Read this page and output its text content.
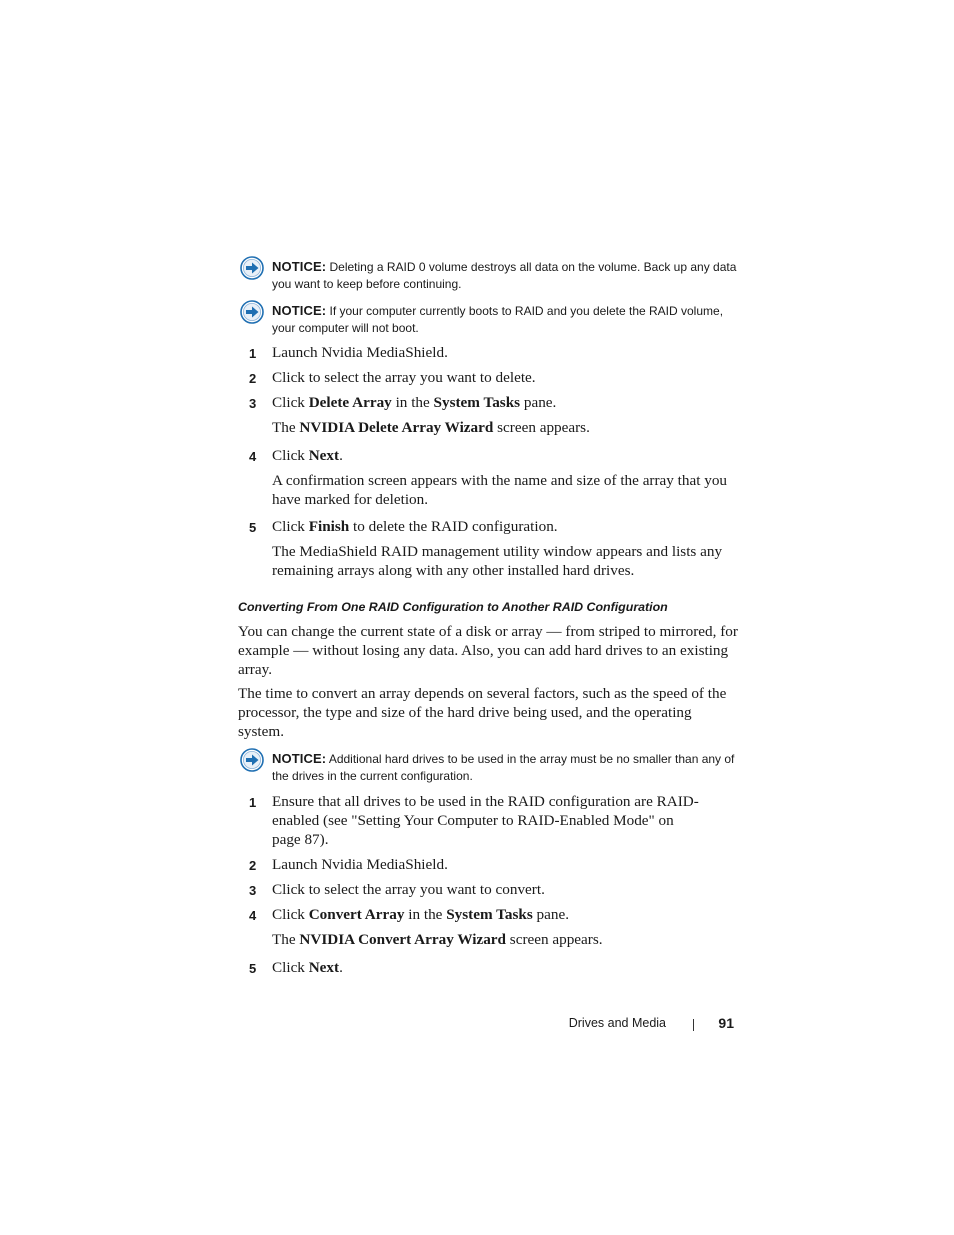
NOTICE: Deleting a RAID 0 volume destroys all data on the volume. Back up any data you want to keep before continuing.
NOTICE: If your computer currently boots to RAID and you delete the RAID volume, your computer will not boot.
1 Launch Nvidia MediaShield.
2 Click to select the array you want to delete.
3 Click Delete Array in the System Tasks pane.
The NVIDIA Delete Array Wizard screen appears.
4 Click Next.
A confirmation screen appears with the name and size of the array that you have marked for deletion.
5 Click Finish to delete the RAID configuration.
The MediaShield RAID management utility window appears and lists any remaining arrays along with any other installed hard drives.
Converting From One RAID Configuration to Another RAID Configuration
You can change the current state of a disk or array — from striped to mirrored, for example — without losing any data. Also, you can add hard drives to an existing array.
The time to convert an array depends on several factors, such as the speed of the processor, the type and size of the hard drive being used, and the operating system.
NOTICE: Additional hard drives to be used in the array must be no smaller than any of the drives in the current configuration.
1 Ensure that all drives to be used in the RAID configuration are RAID-
enabled (see "Setting Your Computer to RAID-Enabled Mode" on
page 87).
2 Launch Nvidia MediaShield.
3 Click to select the array you want to convert.
4 Click Convert Array in the System Tasks pane.
The NVIDIA Convert Array Wizard screen appears.
5 Click Next.
Drives and Media	91
